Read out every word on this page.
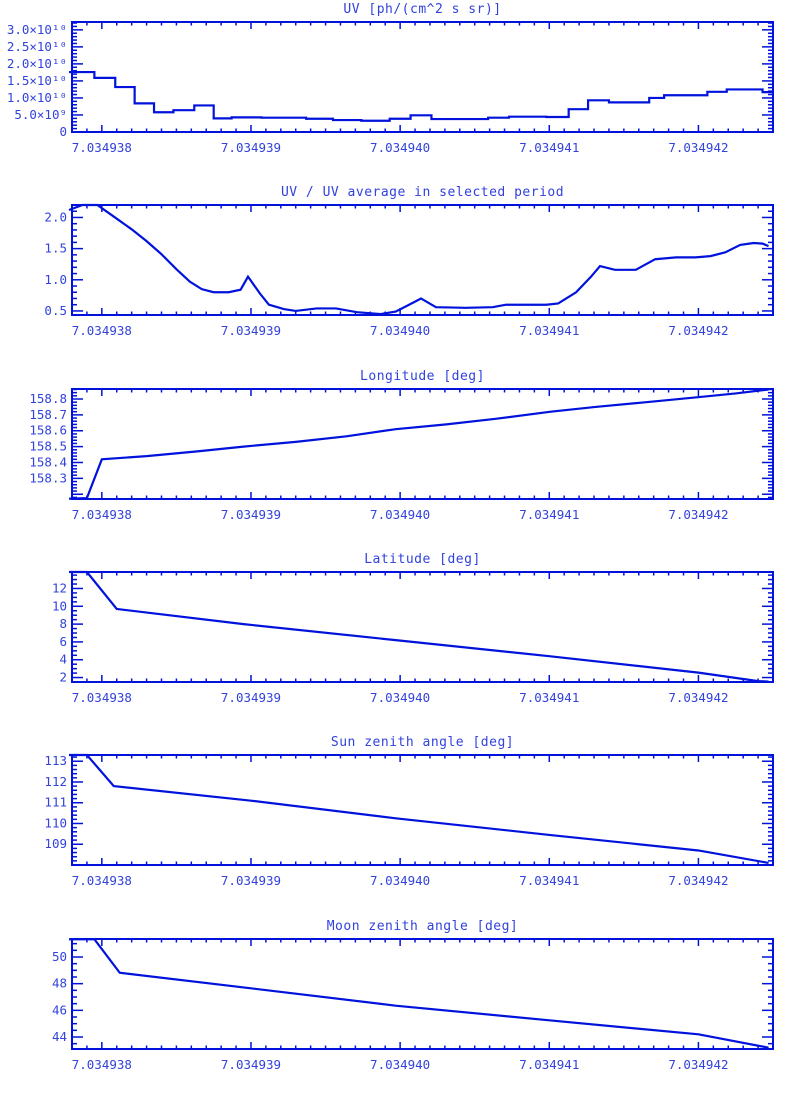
UV [ph/(cm^2 s sr)]
7.034938	7.034939	7.034940	7.034941	7.034942
0
5.0×10⁹
1.0×10¹⁰
1.5×10¹⁰
2.0×10¹⁰
2.5×10¹⁰
3.0×10¹⁰
UV / UV average in selected period
7.034938	7.034939	7.034940	7.034941	7.034942
0.5
1.0
1.5
2.0
Longitude [deg]
7.034938	7.034939	7.034940	7.034941	7.034942
158.3
158.4
158.5
158.6
158.7
158.8
Latitude [deg]
7.034938	7.034939	7.034940	7.034941	7.034942
2
4
6
8
10
12
Sun zenith angle [deg]
7.034938	7.034939	7.034940	7.034941	7.034942
109
110
111
112
113
Moon zenith angle [deg]
7.034938	7.034939	7.034940	7.034941	7.034942
44
46
48
50
